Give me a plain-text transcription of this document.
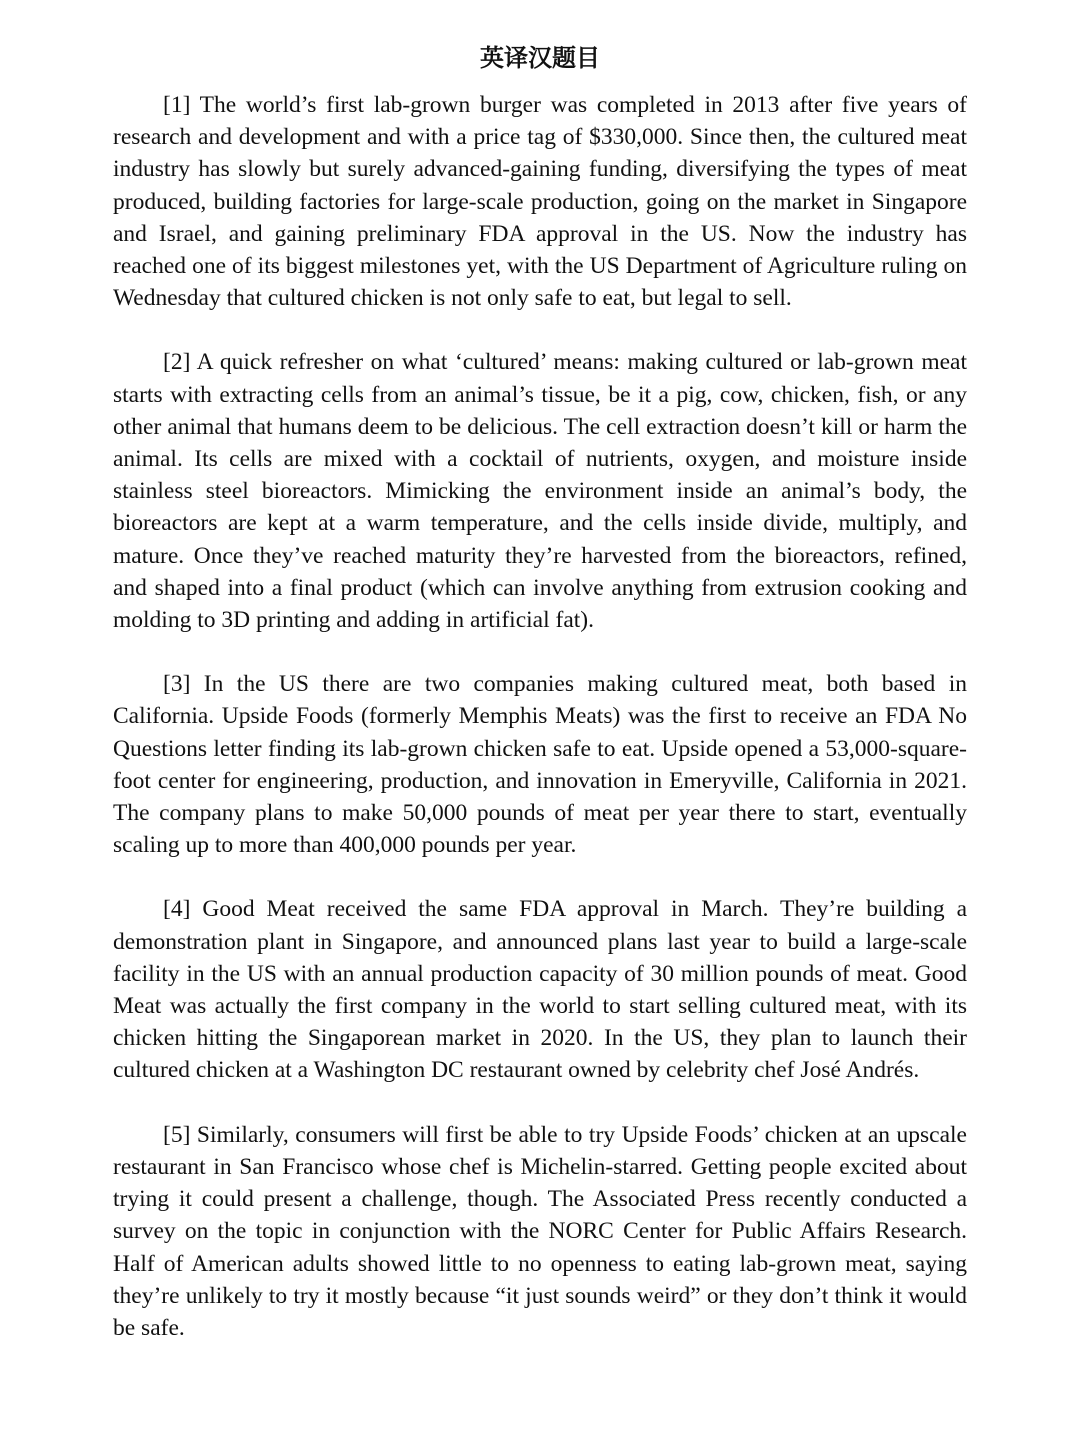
英译汉题目

[1] The world’s first lab-grown burger was completed in 2013 after five years of research and development and with a price tag of $330,000. Since then, the cultured meat industry has slowly but surely advanced-gaining funding, diversifying the types of meat produced, building factories for large-scale production, going on the market in Singapore and Israel, and gaining preliminary FDA approval in the US. Now the industry has reached one of its biggest milestones yet, with the US Department of Agriculture ruling on Wednesday that cultured chicken is not only safe to eat, but legal to sell.

[2] A quick refresher on what ‘cultured’ means: making cultured or lab-grown meat starts with extracting cells from an animal’s tissue, be it a pig, cow, chicken, fish, or any other animal that humans deem to be delicious. The cell extraction doesn’t kill or harm the animal. Its cells are mixed with a cocktail of nutrients, oxygen, and moisture inside stainless steel bioreactors. Mimicking the environment inside an animal’s body, the bioreactors are kept at a warm temperature, and the cells inside divide, multiply, and mature. Once they’ve reached maturity they’re harvested from the bioreactors, refined, and shaped into a final product (which can involve anything from extrusion cooking and molding to 3D printing and adding in artificial fat).

[3] In the US there are two companies making cultured meat, both based in California. Upside Foods (formerly Memphis Meats) was the first to receive an FDA No Questions letter finding its lab-grown chicken safe to eat. Upside opened a 53,000-square-foot center for engineering, production, and innovation in Emeryville, California in 2021. The company plans to make 50,000 pounds of meat per year there to start, eventually scaling up to more than 400,000 pounds per year.

[4] Good Meat received the same FDA approval in March. They’re building a demonstration plant in Singapore, and announced plans last year to build a large-scale facility in the US with an annual production capacity of 30 million pounds of meat. Good Meat was actually the first company in the world to start selling cultured meat, with its chicken hitting the Singaporean market in 2020. In the US, they plan to launch their cultured chicken at a Washington DC restaurant owned by celebrity chef José Andrés.

[5] Similarly, consumers will first be able to try Upside Foods’ chicken at an upscale restaurant in San Francisco whose chef is Michelin-starred. Getting people excited about trying it could present a challenge, though. The Associated Press recently conducted a survey on the topic in conjunction with the NORC Center for Public Affairs Research. Half of American adults showed little to no openness to eating lab-grown meat, saying they’re unlikely to try it mostly because “it just sounds weird” or they don’t think it would be safe.
